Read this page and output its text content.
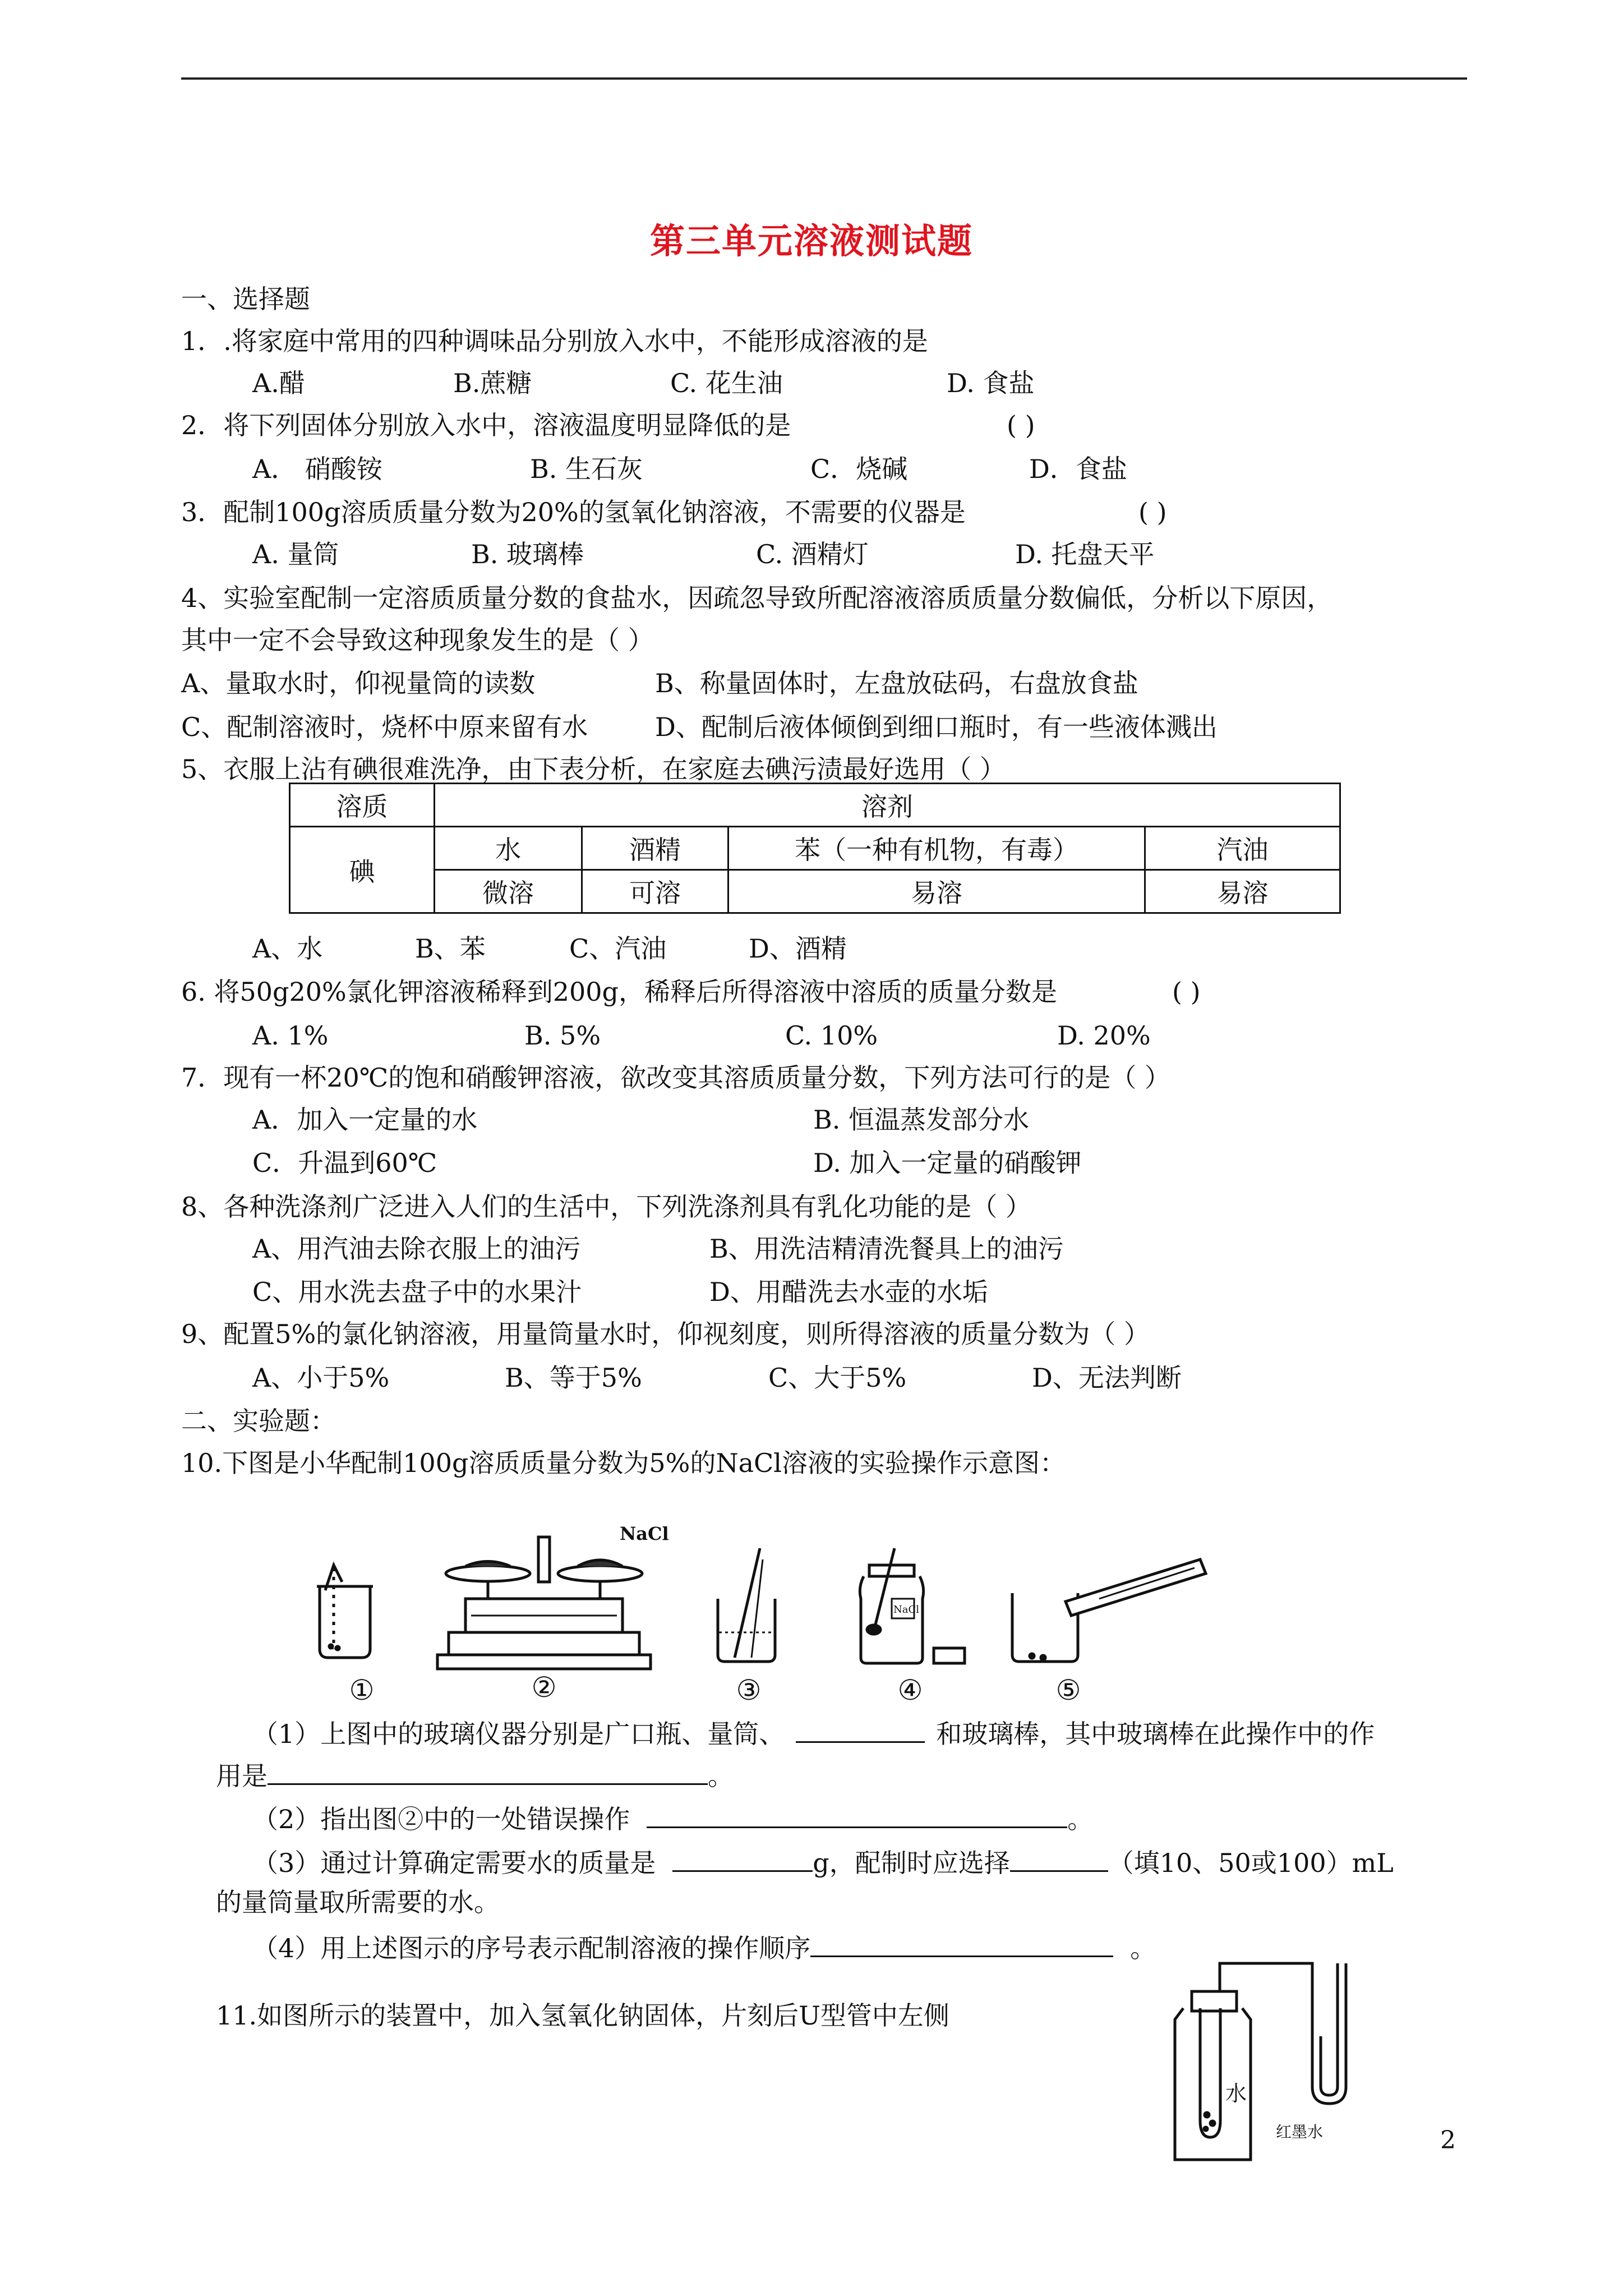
第三单元溶液测试题
一、选择题
1．.将家庭中常用的四种调味品分别放入水中，不能形成溶液的是
A.醋	B.蔗糖	C. 花生油	D. 食盐
2．将下列固体分别放入水中，溶液温度明显降低的是	( )
A． 硝酸铵	B. 生石灰	C．烧碱	D．食盐
3．配制100g溶质质量分数为20%的氢氧化钠溶液，不需要的仪器是	( )
A. 量筒	B. 玻璃棒	C. 酒精灯	D. 托盘天平
4、实验室配制一定溶质质量分数的食盐水，因疏忽导致所配溶液溶质质量分数偏低，分析以下原因，
其中一定不会导致这种现象发生的是（ ）
A、量取水时，仰视量筒的读数	B、称量固体时，左盘放砝码，右盘放食盐
C、配制溶液时，烧杯中原来留有水	D、配制后液体倾倒到细口瓶时，有一些液体溅出
5、衣服上沾有碘很难洗净，由下表分析，在家庭去碘污渍最好选用（ ）
溶质	溶剂			
碘	水	酒精	苯（一种有机物，有毒）	汽油
	微溶	可溶	易溶	易溶
A、水	B、苯	C、汽油	D、酒精
6. 将50g20%氯化钾溶液稀释到200g，稀释后所得溶液中溶质的质量分数是	( )
A. 1%	B. 5%	C. 10%	D. 20%
7．现有一杯20℃的饱和硝酸钾溶液，欲改变其溶质质量分数，下列方法可行的是（ ）
A．加入一定量的水	B. 恒温蒸发部分水
C．升温到60℃	D. 加入一定量的硝酸钾
8、各种洗涤剂广泛进入人们的生活中，下列洗涤剂具有乳化功能的是（ ）
A、用汽油去除衣服上的油污	B、用洗洁精清洗餐具上的油污
C、用水洗去盘子中的水果汁	D、用醋洗去水壶的水垢
9、配置5%的氯化钠溶液，用量筒量水时，仰视刻度，则所得溶液的质量分数为（ ）
A、小于5%	B、等于5%	C、大于5%	D、无法判断
二、实验题：
10.下图是小华配制100g溶质质量分数为5%的NaCl溶液的实验操作示意图：
NaCl
NaCl
①	②	③	④	⑤
（1）上图中的玻璃仪器分别是广口瓶、量筒、	和玻璃棒，其中玻璃棒在此操作中的作
用是	。
（2）指出图②中的一处错误操作	。
（3）通过计算确定需要水的质量是	g，配制时应选择	（填10、50或100）mL
的量筒量取所需要的水。
（4）用上述图示的序号表示配制溶液的操作顺序	。
11.如图所示的装置中，加入氢氧化钠固体，片刻后U型管中左侧
水
红墨水	2
